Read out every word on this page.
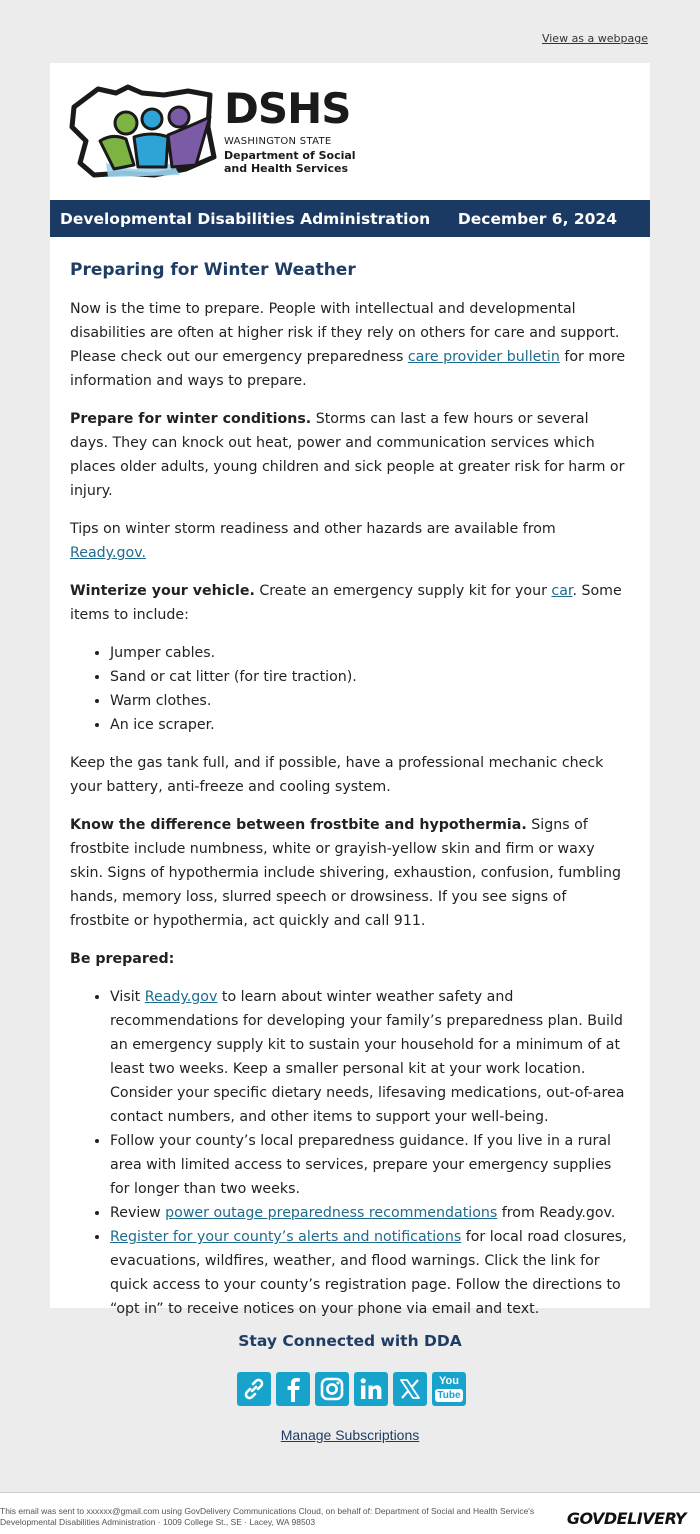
View as a webpage
DSHS
WASHINGTON STATE
Department of Social
and Health Services
Developmental Disabilities Administration December 6, 2024
Preparing for Winter Weather

Now is the time to prepare. People with intellectual and developmental disabilities are often at higher risk if they rely on others for care and support. Please check out our emergency preparedness care provider bulletin for more information and ways to prepare.

Prepare for winter conditions. Storms can last a few hours or several days. They can knock out heat, power and communication services which places older adults, young children and sick people at greater risk for harm or injury.

Tips on winter storm readiness and other hazards are available from Ready.gov.

Winterize your vehicle. Create an emergency supply kit for your car. Some items to include:

• Jumper cables.
• Sand or cat litter (for tire traction).
• Warm clothes.
• An ice scraper.

Keep the gas tank full, and if possible, have a professional mechanic check your battery, anti-freeze and cooling system.

Know the difference between frostbite and hypothermia. Signs of frostbite include numbness, white or grayish-yellow skin and firm or waxy skin. Signs of hypothermia include shivering, exhaustion, confusion, fumbling hands, memory loss, slurred speech or drowsiness. If you see signs of frostbite or hypothermia, act quickly and call 911.

Be prepared:

• Visit Ready.gov to learn about winter weather safety and recommendations for developing your family’s preparedness plan. Build an emergency supply kit to sustain your household for a minimum of at least two weeks. Keep a smaller personal kit at your work location. Consider your specific dietary needs, lifesaving medications, out-of-area contact numbers, and other items to support your well-being.
• Follow your county’s local preparedness guidance. If you live in a rural area with limited access to services, prepare your emergency supplies for longer than two weeks.
• Review power outage preparedness recommendations from Ready.gov.
• Register for your county’s alerts and notifications for local road closures, evacuations, wildfires, weather, and flood warnings. Click the link for quick access to your county’s registration page. Follow the directions to “opt in” to receive notices on your phone via email and text.
Stay Connected with DDA
You
Tube
Manage Subscriptions
This email was sent to xxxxxx@gmail.com using GovDelivery Communications Cloud, on behalf of: Department of Social and Health Service's Developmental Disabilities Administration · 1009 College St., SE · Lacey, WA 98503	GOVDELIVERY
